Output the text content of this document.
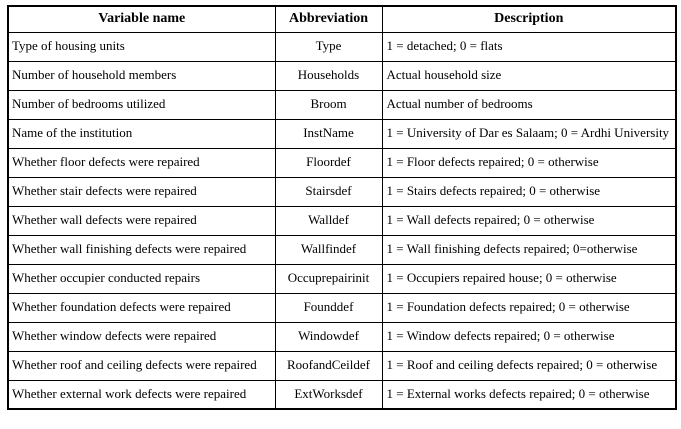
Variable name	Abbreviation	Description
Type of housing units	Type	1 = detached; 0 = flats
Number of household members	Households	Actual household size
Number of bedrooms utilized	Broom	Actual number of bedrooms
Name of the institution	InstName	1 = University of Dar es Salaam; 0 = Ardhi University
Whether floor defects were repaired	Floordef	1 = Floor defects repaired; 0 = otherwise
Whether stair defects were repaired	Stairsdef	1 = Stairs defects repaired; 0 = otherwise
Whether wall defects were repaired	Walldef	1 = Wall defects repaired; 0 = otherwise
Whether wall finishing defects were repaired	Wallfindef	1 = Wall finishing defects repaired; 0=otherwise
Whether occupier conducted repairs	Occuprepairinit	1 = Occupiers repaired house; 0 = otherwise
Whether foundation defects were repaired	Founddef	1 = Foundation defects repaired; 0 = otherwise
Whether window defects were repaired	Windowdef	1 = Window defects repaired; 0 = otherwise
Whether roof and ceiling defects were repaired	RoofandCeildef	1 = Roof and ceiling defects repaired; 0 = otherwise
Whether external work defects were repaired	ExtWorksdef	1 = External works defects repaired; 0 = otherwise
